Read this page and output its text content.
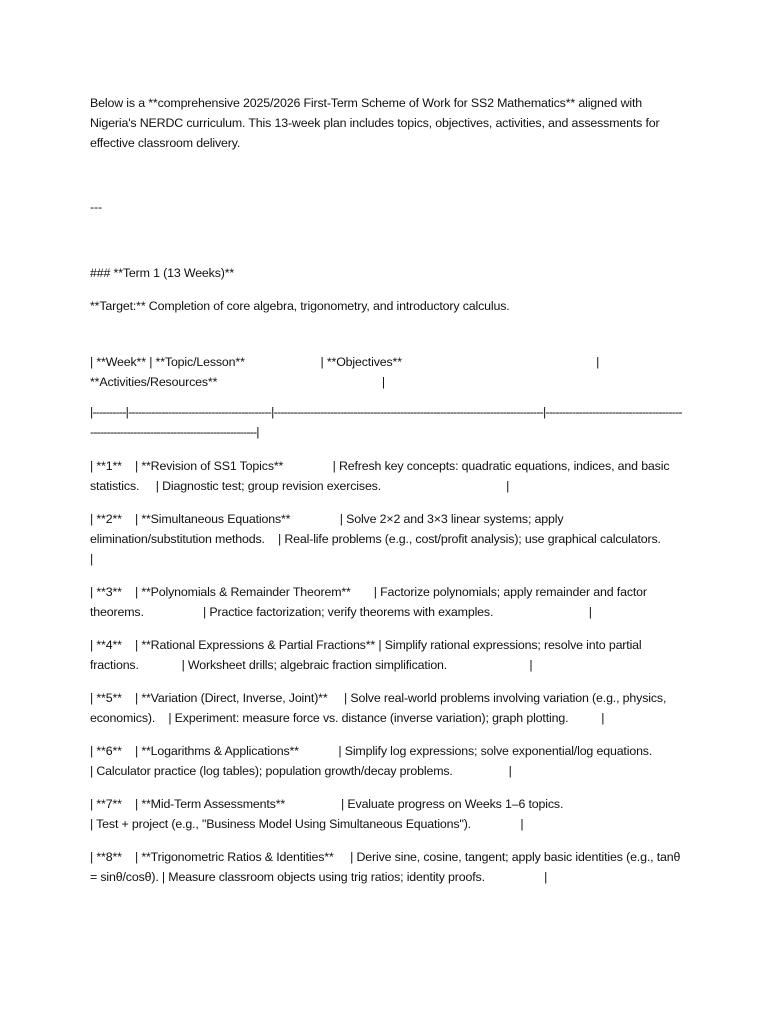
Below is a **comprehensive 2025/2026 First-Term Scheme of Work for SS2 Mathematics** aligned with Nigeria's NERDC curriculum. This 13-week plan includes topics, objectives, activities, and assessments for effective classroom delivery.

---

### **Term 1 (13 Weeks)**

**Target:** Completion of core algebra, trigonometry, and introductory calculus.

| **Week** | **Topic/Lesson**                       | **Objectives**                                                           | **Activities/Resources**                                                  |

|----------|-------------------------------------------|---------------------------------------------------------------------------------|-------------------------------------------------------------------------------------------|

| **1**    | **Revision of SS1 Topics**               | Refresh key concepts: quadratic equations, indices, and basic statistics.     | Diagnostic test; group revision exercises.                                      |

| **2**    | **Simultaneous Equations**               | Solve 2×2 and 3×3 linear systems; apply elimination/substitution methods.    | Real-life problems (e.g., cost/profit analysis); use graphical calculators.            |

| **3**    | **Polynomials & Remainder Theorem**       | Factorize polynomials; apply remainder and factor theorems.                  | Practice factorization; verify theorems with examples.                             |

| **4**    | **Rational Expressions & Partial Fractions** | Simplify rational expressions; resolve into partial fractions.             | Worksheet drills; algebraic fraction simplification.                         |

| **5**    | **Variation (Direct, Inverse, Joint)**     | Solve real-world problems involving variation (e.g., physics, economics).    | Experiment: measure force vs. distance (inverse variation); graph plotting.          |

| **6**    | **Logarithms & Applications**            | Simplify log expressions; solve exponential/log equations.                   | Calculator practice (log tables); population growth/decay problems.                 |

| **7**    | **Mid-Term Assessments**                 | Evaluate progress on Weeks 1–6 topics.                                        | Test + project (e.g., "Business Model Using Simultaneous Equations").               |

| **8**    | **Trigonometric Ratios & Identities**     | Derive sine, cosine, tangent; apply basic identities (e.g., tanθ = sinθ/cosθ). | Measure classroom objects using trig ratios; identity proofs.                  |
